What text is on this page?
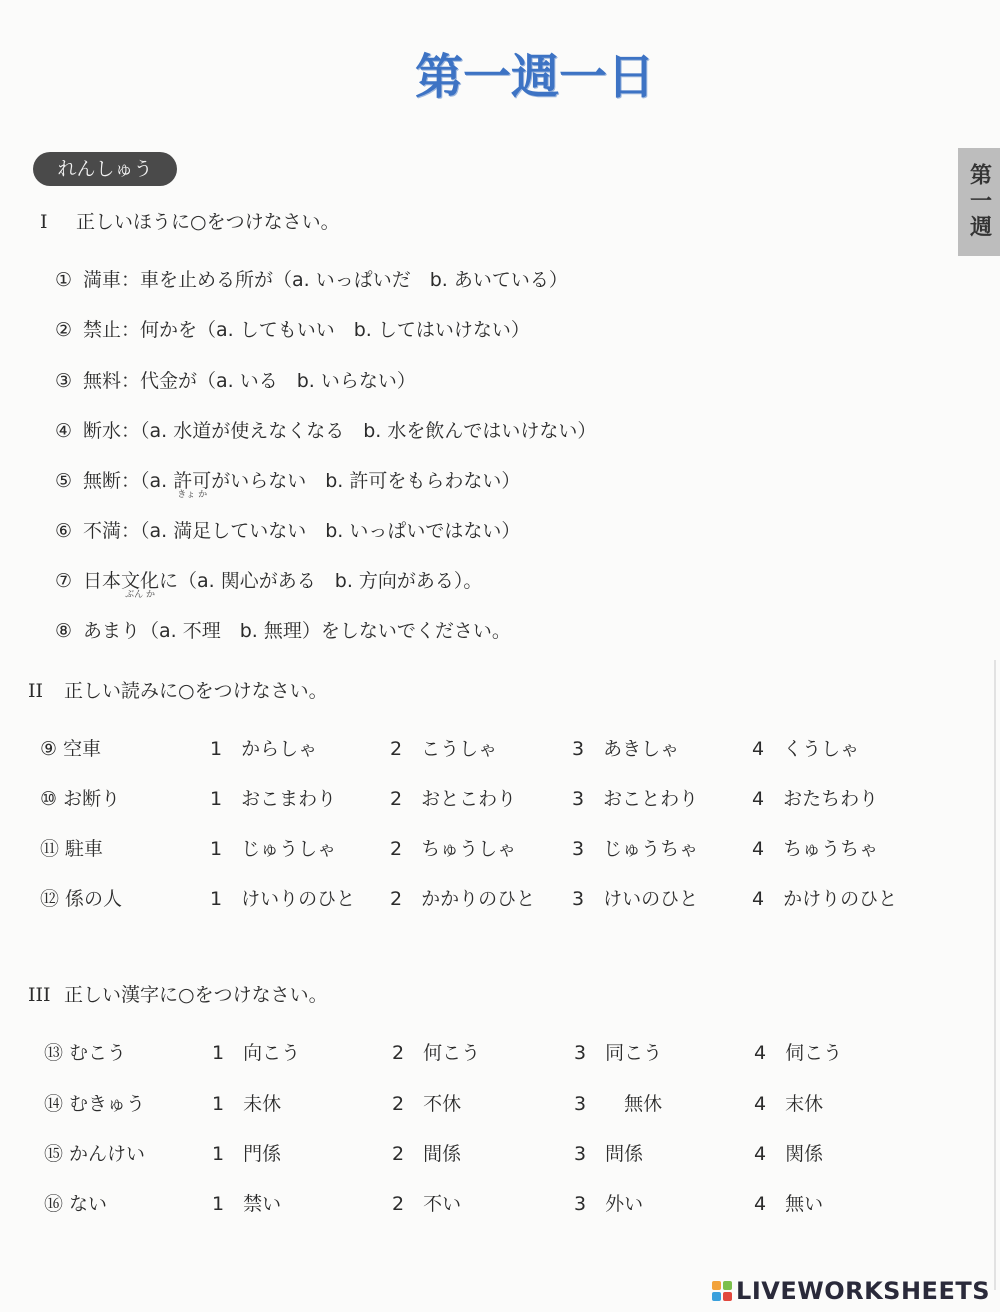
第一週一日
れんしゅう	第一週
I 正しいほうに○をつけなさい。
① 満車：車を止める所が（a. いっぱいだ　b. あいている）
② 禁止：何かを（a. してもいい　b. してはいけない）
③ 無料：代金が（a. いる　b. いらない）
④ 断水：（a. 水道が使えなくなる　b. 水を飲んではいけない）
⑤ 無断：（a. 許可
きょ か
がいらない　b. 許可をもらわない）
⑥ 不満：（a. 満足していない　b. いっぱいではない）
⑦ 日本文化
ぶん か
に（a. 関心がある　b. 方向がある）。
⑧ あまり（a. 不理　b. 無理）をしないでください。
II 正しい読みに○をつけなさい。
⑨ 空車	1　からしゃ	2　こうしゃ	3　あきしゃ	4　くうしゃ
⑩ お断り	1　おこまわり	2　おとこわり	3　おことわり	4　おたちわり
⑪ 駐車	1　じゅうしゃ	2　ちゅうしゃ	3　じゅうちゃ	4　ちゅうちゃ
⑫ 係の人	1　けいりのひと 2　かかりのひと 3　けいのひと	4　かけりのひと
III 正しい漢字に○をつけなさい。
⑬ むこう	1　向こう	2　何こう	3　同こう	4　伺こう
⑭ むきゅう	1　未休	2　不休	3　　無休	4　末休
⑮ かんけい	1　門係	2　間係	3　問係	4　関係
⑯ ない	1　禁い	2　不い	3　外い	4　無い
LIVEWORKSHEETS
